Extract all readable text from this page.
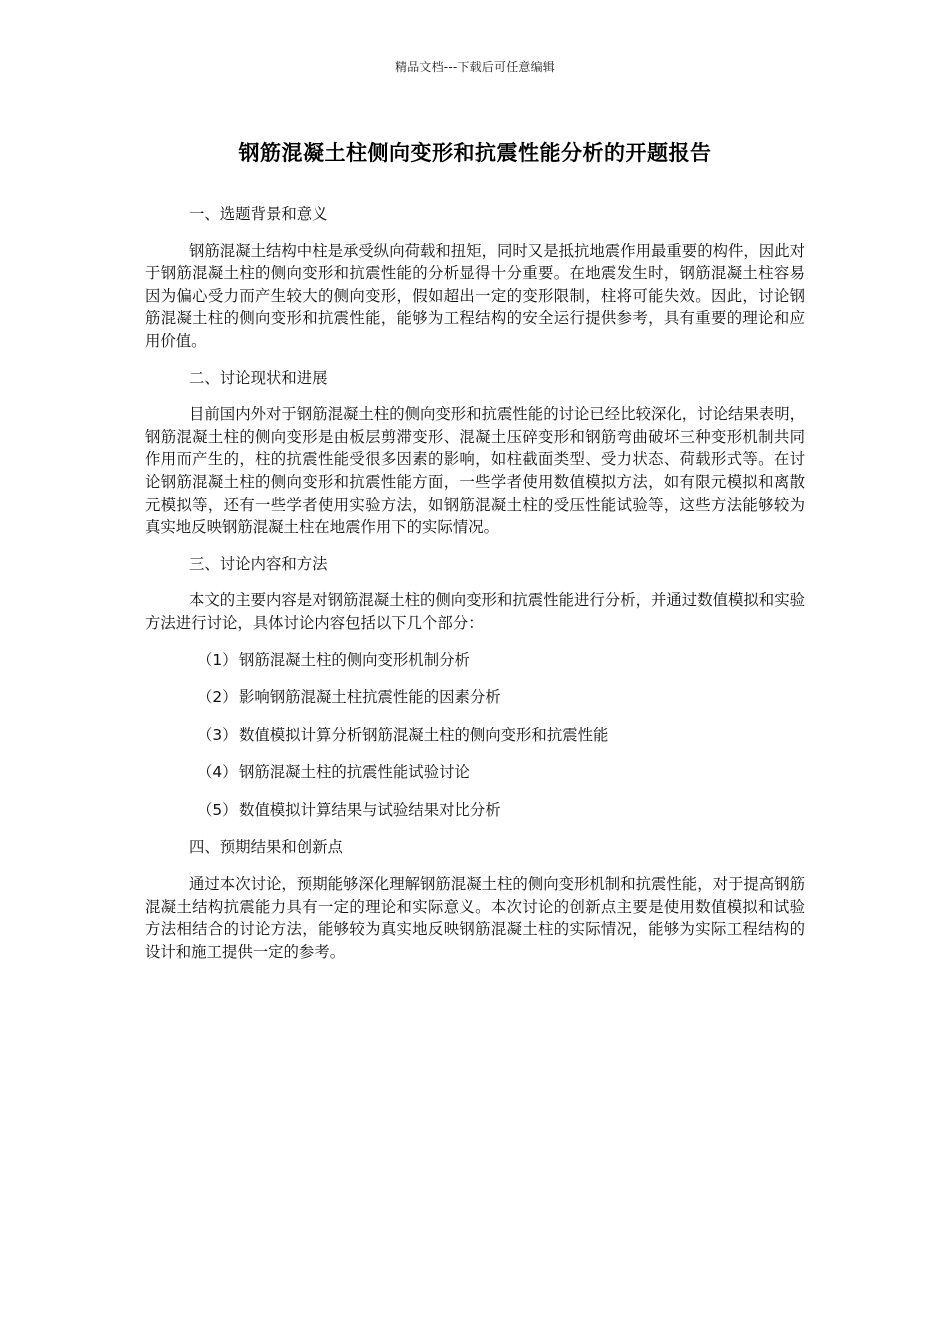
精品文档---下载后可任意编辑
钢筋混凝土柱侧向变形和抗震性能分析的开题报告
一、选题背景和意义

钢筋混凝土结构中柱是承受纵向荷载和扭矩，同时又是抵抗地震作用最重要的构件，因此对于钢筋混凝土柱的侧向变形和抗震性能的分析显得十分重要。在地震发生时，钢筋混凝土柱容易因为偏心受力而产生较大的侧向变形，假如超出一定的变形限制，柱将可能失效。因此，讨论钢筋混凝土柱的侧向变形和抗震性能，能够为工程结构的安全运行提供参考，具有重要的理论和应用价值。

二、讨论现状和进展

目前国内外对于钢筋混凝土柱的侧向变形和抗震性能的讨论已经比较深化，讨论结果表明，钢筋混凝土柱的侧向变形是由板层剪滞变形、混凝土压碎变形和钢筋弯曲破坏三种变形机制共同作用而产生的，柱的抗震性能受很多因素的影响，如柱截面类型、受力状态、荷载形式等。在讨论钢筋混凝土柱的侧向变形和抗震性能方面，一些学者使用数值模拟方法，如有限元模拟和离散元模拟等，还有一些学者使用实验方法，如钢筋混凝土柱的受压性能试验等，这些方法能够较为真实地反映钢筋混凝土柱在地震作用下的实际情况。

三、讨论内容和方法

本文的主要内容是对钢筋混凝土柱的侧向变形和抗震性能进行分析，并通过数值模拟和实验方法进行讨论，具体讨论内容包括以下几个部分：

（1） 钢筋混凝土柱的侧向变形机制分析
（2） 影响钢筋混凝土柱抗震性能的因素分析
（3） 数值模拟计算分析钢筋混凝土柱的侧向变形和抗震性能
（4） 钢筋混凝土柱的抗震性能试验讨论
（5） 数值模拟计算结果与试验结果对比分析
四、预期结果和创新点

通过本次讨论，预期能够深化理解钢筋混凝土柱的侧向变形机制和抗震性能，对于提高钢筋混凝土结构抗震能力具有一定的理论和实际意义。本次讨论的创新点主要是使用数值模拟和试验方法相结合的讨论方法，能够较为真实地反映钢筋混凝土柱的实际情况，能够为实际工程结构的设计和施工提供一定的参考。
